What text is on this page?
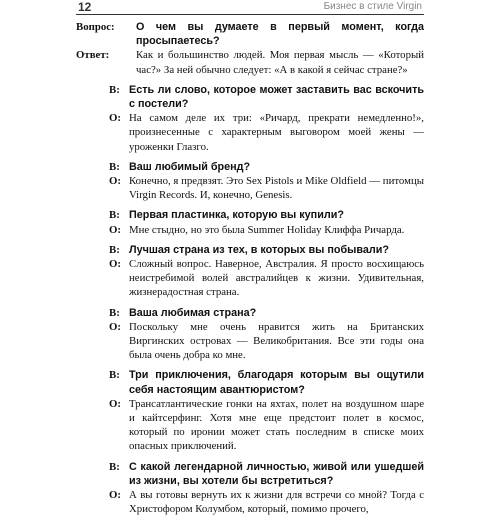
12	Бизнес в стиле Virgin
Вопрос:	О чем вы думаете в первый момент, когда просыпаетесь?
Ответ:	Как и большинство людей. Моя первая мысль — «Который час?» За ней обычно следует: «А в какой я сейчас стране?»
В: Есть ли слово, которое может заставить вас вскочить с постели?
О: На самом деле их три: «Ричард, прекрати немедленно!», произнесенные с характерным выговором моей жены — уроженки Глазго.
В: Ваш любимый бренд?
О: Конечно, я предвзят. Это Sex Pistols и Mike Oldfield — питомцы Virgin Records. И, конечно, Genesis.
В: Первая пластинка, которую вы купили?
О: Мне стыдно, но это была Summer Holiday Клиффа Ричарда.
В: Лучшая страна из тех, в которых вы побывали?
О: Сложный вопрос. Наверное, Австралия. Я просто восхищаюсь неистребимой волей австралийцев к жизни. Удивительная, жизнерадостная страна.
В: Ваша любимая страна?
О: Поскольку мне очень нравится жить на Британских Виргинских островах — Великобритания. Все эти годы она была очень добра ко мне.
В: Три приключения, благодаря которым вы ощутили себя настоящим авантюристом?
О: Трансатлантические гонки на яхтах, полет на воздушном шаре и кайтсерфинг. Хотя мне еще предстоит полет в космос, который по иронии может стать последним в списке моих опасных приключений.
В: С какой легендарной личностью, живой или ушедшей из жизни, вы хотели бы встретиться?
О: А вы готовы вернуть их к жизни для встречи со мной? Тогда с Христофором Колумбом, который, помимо прочего,
